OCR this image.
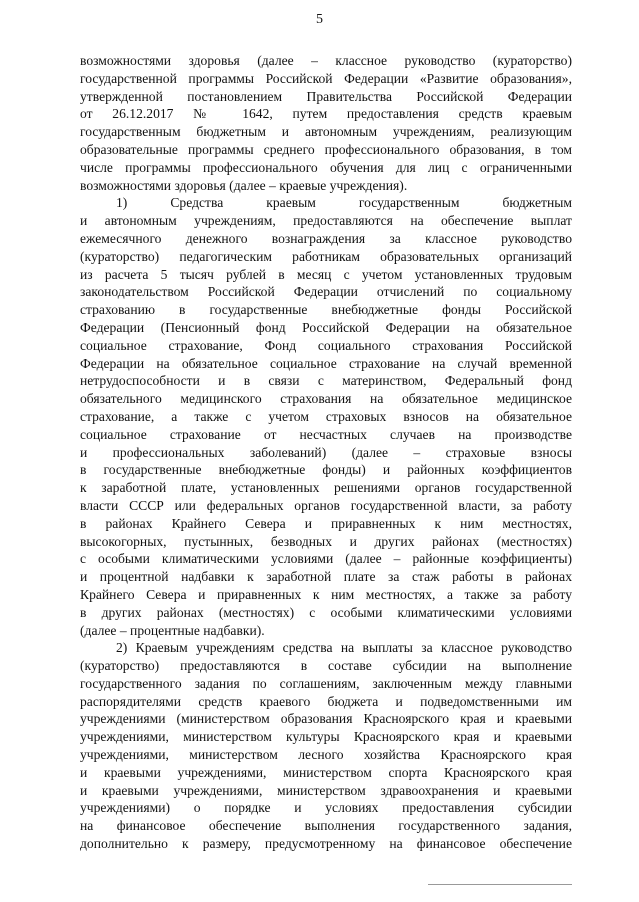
5

возможностями здоровья (далее – классное руководство (кураторство)
государственной программы Российской Федерации «Развитие образования»,
утвержденной постановлением Правительства Российской Федерации
от 26.12.2017 № 1642, путем предоставления средств краевым
государственным бюджетным и автономным учреждениям, реализующим
образовательные программы среднего профессионального образования, в том
числе программы профессионального обучения для лиц с ограниченными
возможностями здоровья (далее – краевые учреждения).
1) Средства краевым государственным бюджетным
и автономным учреждениям, предоставляются на обеспечение выплат
ежемесячного денежного вознаграждения за классное руководство
(кураторство) педагогическим работникам образовательных организаций
из расчета 5 тысяч рублей в месяц с учетом установленных трудовым
законодательством Российской Федерации отчислений по социальному
страхованию в государственные внебюджетные фонды Российской
Федерации (Пенсионный фонд Российской Федерации на обязательное
социальное страхование, Фонд социального страхования Российской
Федерации на обязательное социальное страхование на случай временной
нетрудоспособности и в связи с материнством, Федеральный фонд
обязательного медицинского страхования на обязательное медицинское
страхование, а также с учетом страховых взносов на обязательное
социальное страхование от несчастных случаев на производстве
и профессиональных заболеваний) (далее – страховые взносы
в государственные внебюджетные фонды) и районных коэффициентов
к заработной плате, установленных решениями органов государственной
власти СССР или федеральных органов государственной власти, за работу
в районах Крайнего Севера и приравненных к ним местностях,
высокогорных, пустынных, безводных и других районах (местностях)
с особыми климатическими условиями (далее – районные коэффициенты)
и процентной надбавки к заработной плате за стаж работы в районах
Крайнего Севера и приравненных к ним местностях, а также за работу
в других районах (местностях) с особыми климатическими условиями
(далее – процентные надбавки).
2) Краевым учреждениям средства на выплаты за классное руководство
(кураторство) предоставляются в составе субсидии на выполнение
государственного задания по соглашениям, заключенным между главными
распорядителями средств краевого бюджета и подведомственными им
учреждениями (министерством образования Красноярского края и краевыми
учреждениями, министерством культуры Красноярского края и краевыми
учреждениями, министерством лесного хозяйства Красноярского края
и краевыми учреждениями, министерством спорта Красноярского края
и краевыми учреждениями, министерством здравоохранения и краевыми
учреждениями) о порядке и условиях предоставления субсидии
на финансовое обеспечение выполнения государственного задания,
дополнительно к размеру, предусмотренному на финансовое обеспечение
